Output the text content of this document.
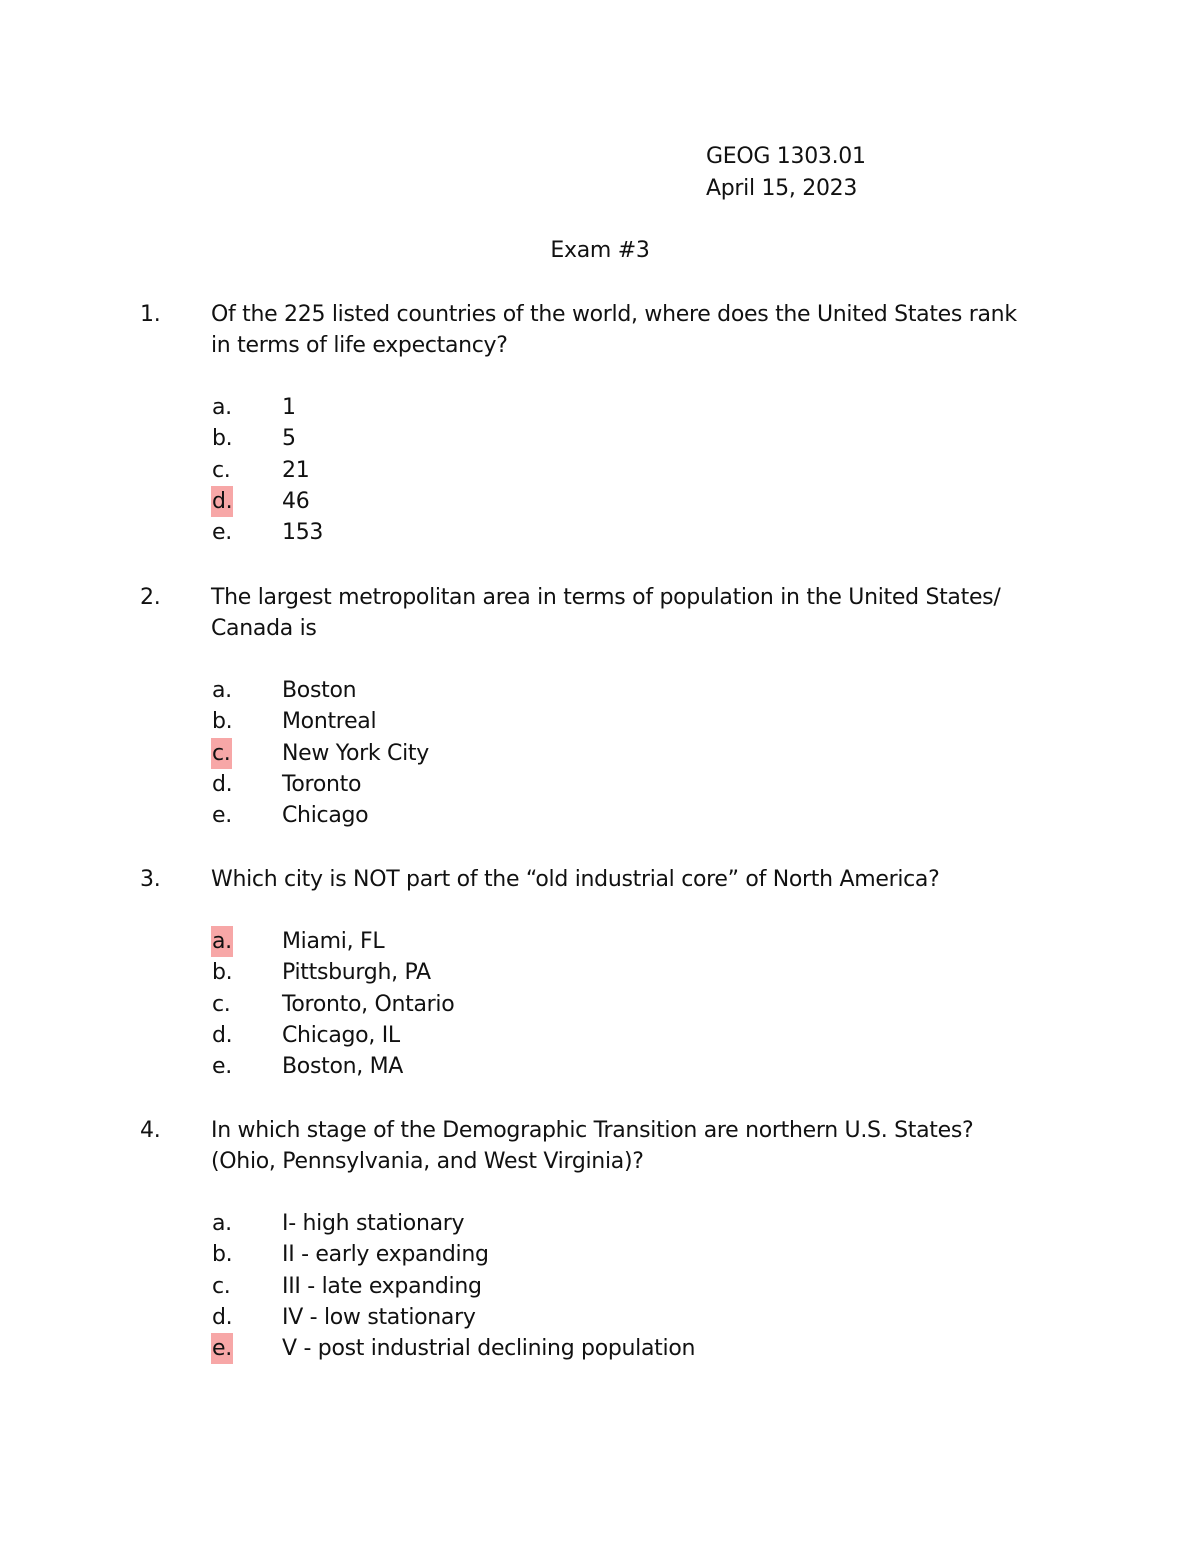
GEOG 1303.01
April 15, 2023
Exam #3
1. Of the 225 listed countries of the world, where does the United States rank in terms of life expectancy?
a. 1
b. 5
c. 21
d. 46
e. 153
2. The largest metropolitan area in terms of population in the United States/ Canada is
a. Boston
b. Montreal
c. New York City
d. Toronto
e. Chicago
3. Which city is NOT part of the “old industrial core” of North America?
a. Miami, FL
b. Pittsburgh, PA
c. Toronto, Ontario
d. Chicago, IL
e. Boston, MA
4. In which stage of the Demographic Transition are northern U.S. States? (Ohio, Pennsylvania, and West Virginia)?
a. I- high stationary
b. II - early expanding
c. III - late expanding
d. IV - low stationary
e. V - post industrial declining population
